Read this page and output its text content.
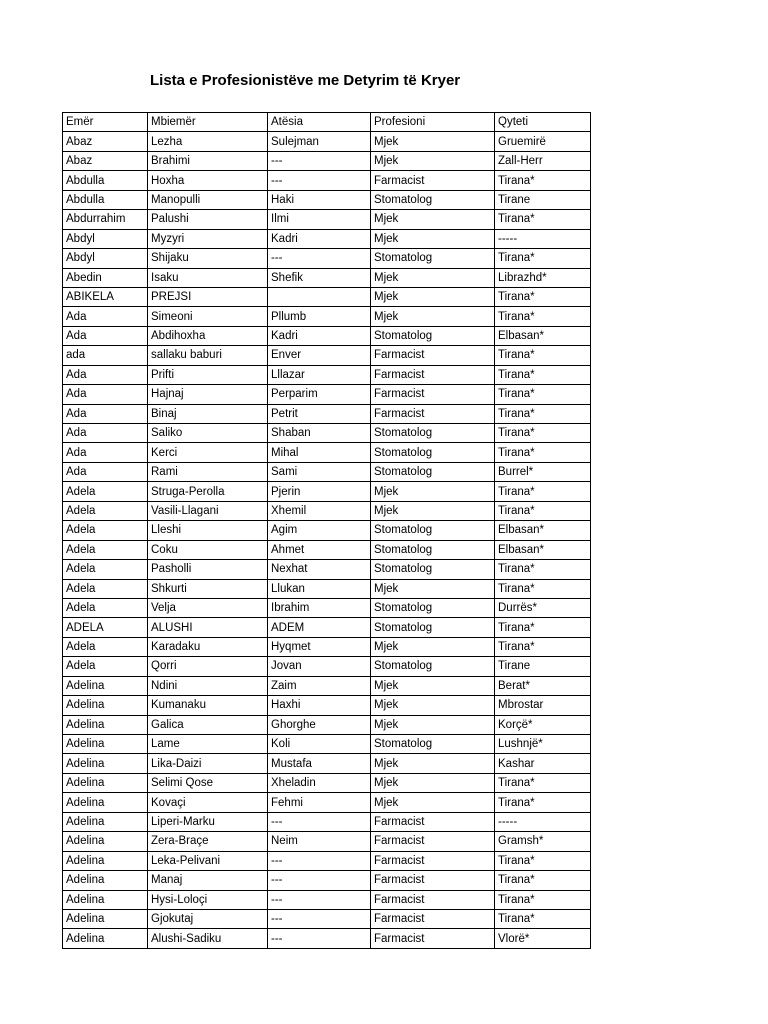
Lista e Profesionistëve me Detyrim të Kryer
Emër	Mbiemër	Atësia	Profesioni	Qyteti
Abaz	Lezha	Sulejman	Mjek	Gruemirë
Abaz	Brahimi	---	Mjek	Zall-Herr
Abdulla	Hoxha	---	Farmacist	Tirana*
Abdulla	Manopulli	Haki	Stomatolog	Tirane
Abdurrahim	Palushi	Ilmi	Mjek	Tirana*
Abdyl	Myzyri	Kadri	Mjek	-----
Abdyl	Shijaku	---	Stomatolog	Tirana*
Abedin	Isaku	Shefik	Mjek	Librazhd*
ABIKELA	PREJSI		Mjek	Tirana*
Ada	Simeoni	Pllumb	Mjek	Tirana*
Ada	Abdihoxha	Kadri	Stomatolog	Elbasan*
ada	sallaku baburi	Enver	Farmacist	Tirana*
Ada	Prifti	Lllazar	Farmacist	Tirana*
Ada	Hajnaj	Perparim	Farmacist	Tirana*
Ada	Binaj	Petrit	Farmacist	Tirana*
Ada	Saliko	Shaban	Stomatolog	Tirana*
Ada	Kerci	Mihal	Stomatolog	Tirana*
Ada	Rami	Sami	Stomatolog	Burrel*
Adela	Struga-Perolla	Pjerin	Mjek	Tirana*
Adela	Vasili-Llagani	Xhemil	Mjek	Tirana*
Adela	Lleshi	Agim	Stomatolog	Elbasan*
Adela	Coku	Ahmet	Stomatolog	Elbasan*
Adela	Pasholli	Nexhat	Stomatolog	Tirana*
Adela	Shkurti	Llukan	Mjek	Tirana*
Adela	Velja	Ibrahim	Stomatolog	Durrës*
ADELA	ALUSHI	ADEM	Stomatolog	Tirana*
Adela	Karadaku	Hyqmet	Mjek	Tirana*
Adela	Qorri	Jovan	Stomatolog	Tirane
Adelina	Ndini	Zaim	Mjek	Berat*
Adelina	Kumanaku	Haxhi	Mjek	Mbrostar
Adelina	Galica	Ghorghe	Mjek	Korçë*
Adelina	Lame	Koli	Stomatolog	Lushnjë*
Adelina	Lika-Daizi	Mustafa	Mjek	Kashar
Adelina	Selimi Qose	Xheladin	Mjek	Tirana*
Adelina	Kovaçi	Fehmi	Mjek	Tirana*
Adelina	Liperi-Marku	---	Farmacist	-----
Adelina	Zera-Braçe	Neim	Farmacist	Gramsh*
Adelina	Leka-Pelivani	---	Farmacist	Tirana*
Adelina	Manaj	---	Farmacist	Tirana*
Adelina	Hysi-Loloçi	---	Farmacist	Tirana*
Adelina	Gjokutaj	---	Farmacist	Tirana*
Adelina	Alushi-Sadiku	---	Farmacist	Vlorë*
